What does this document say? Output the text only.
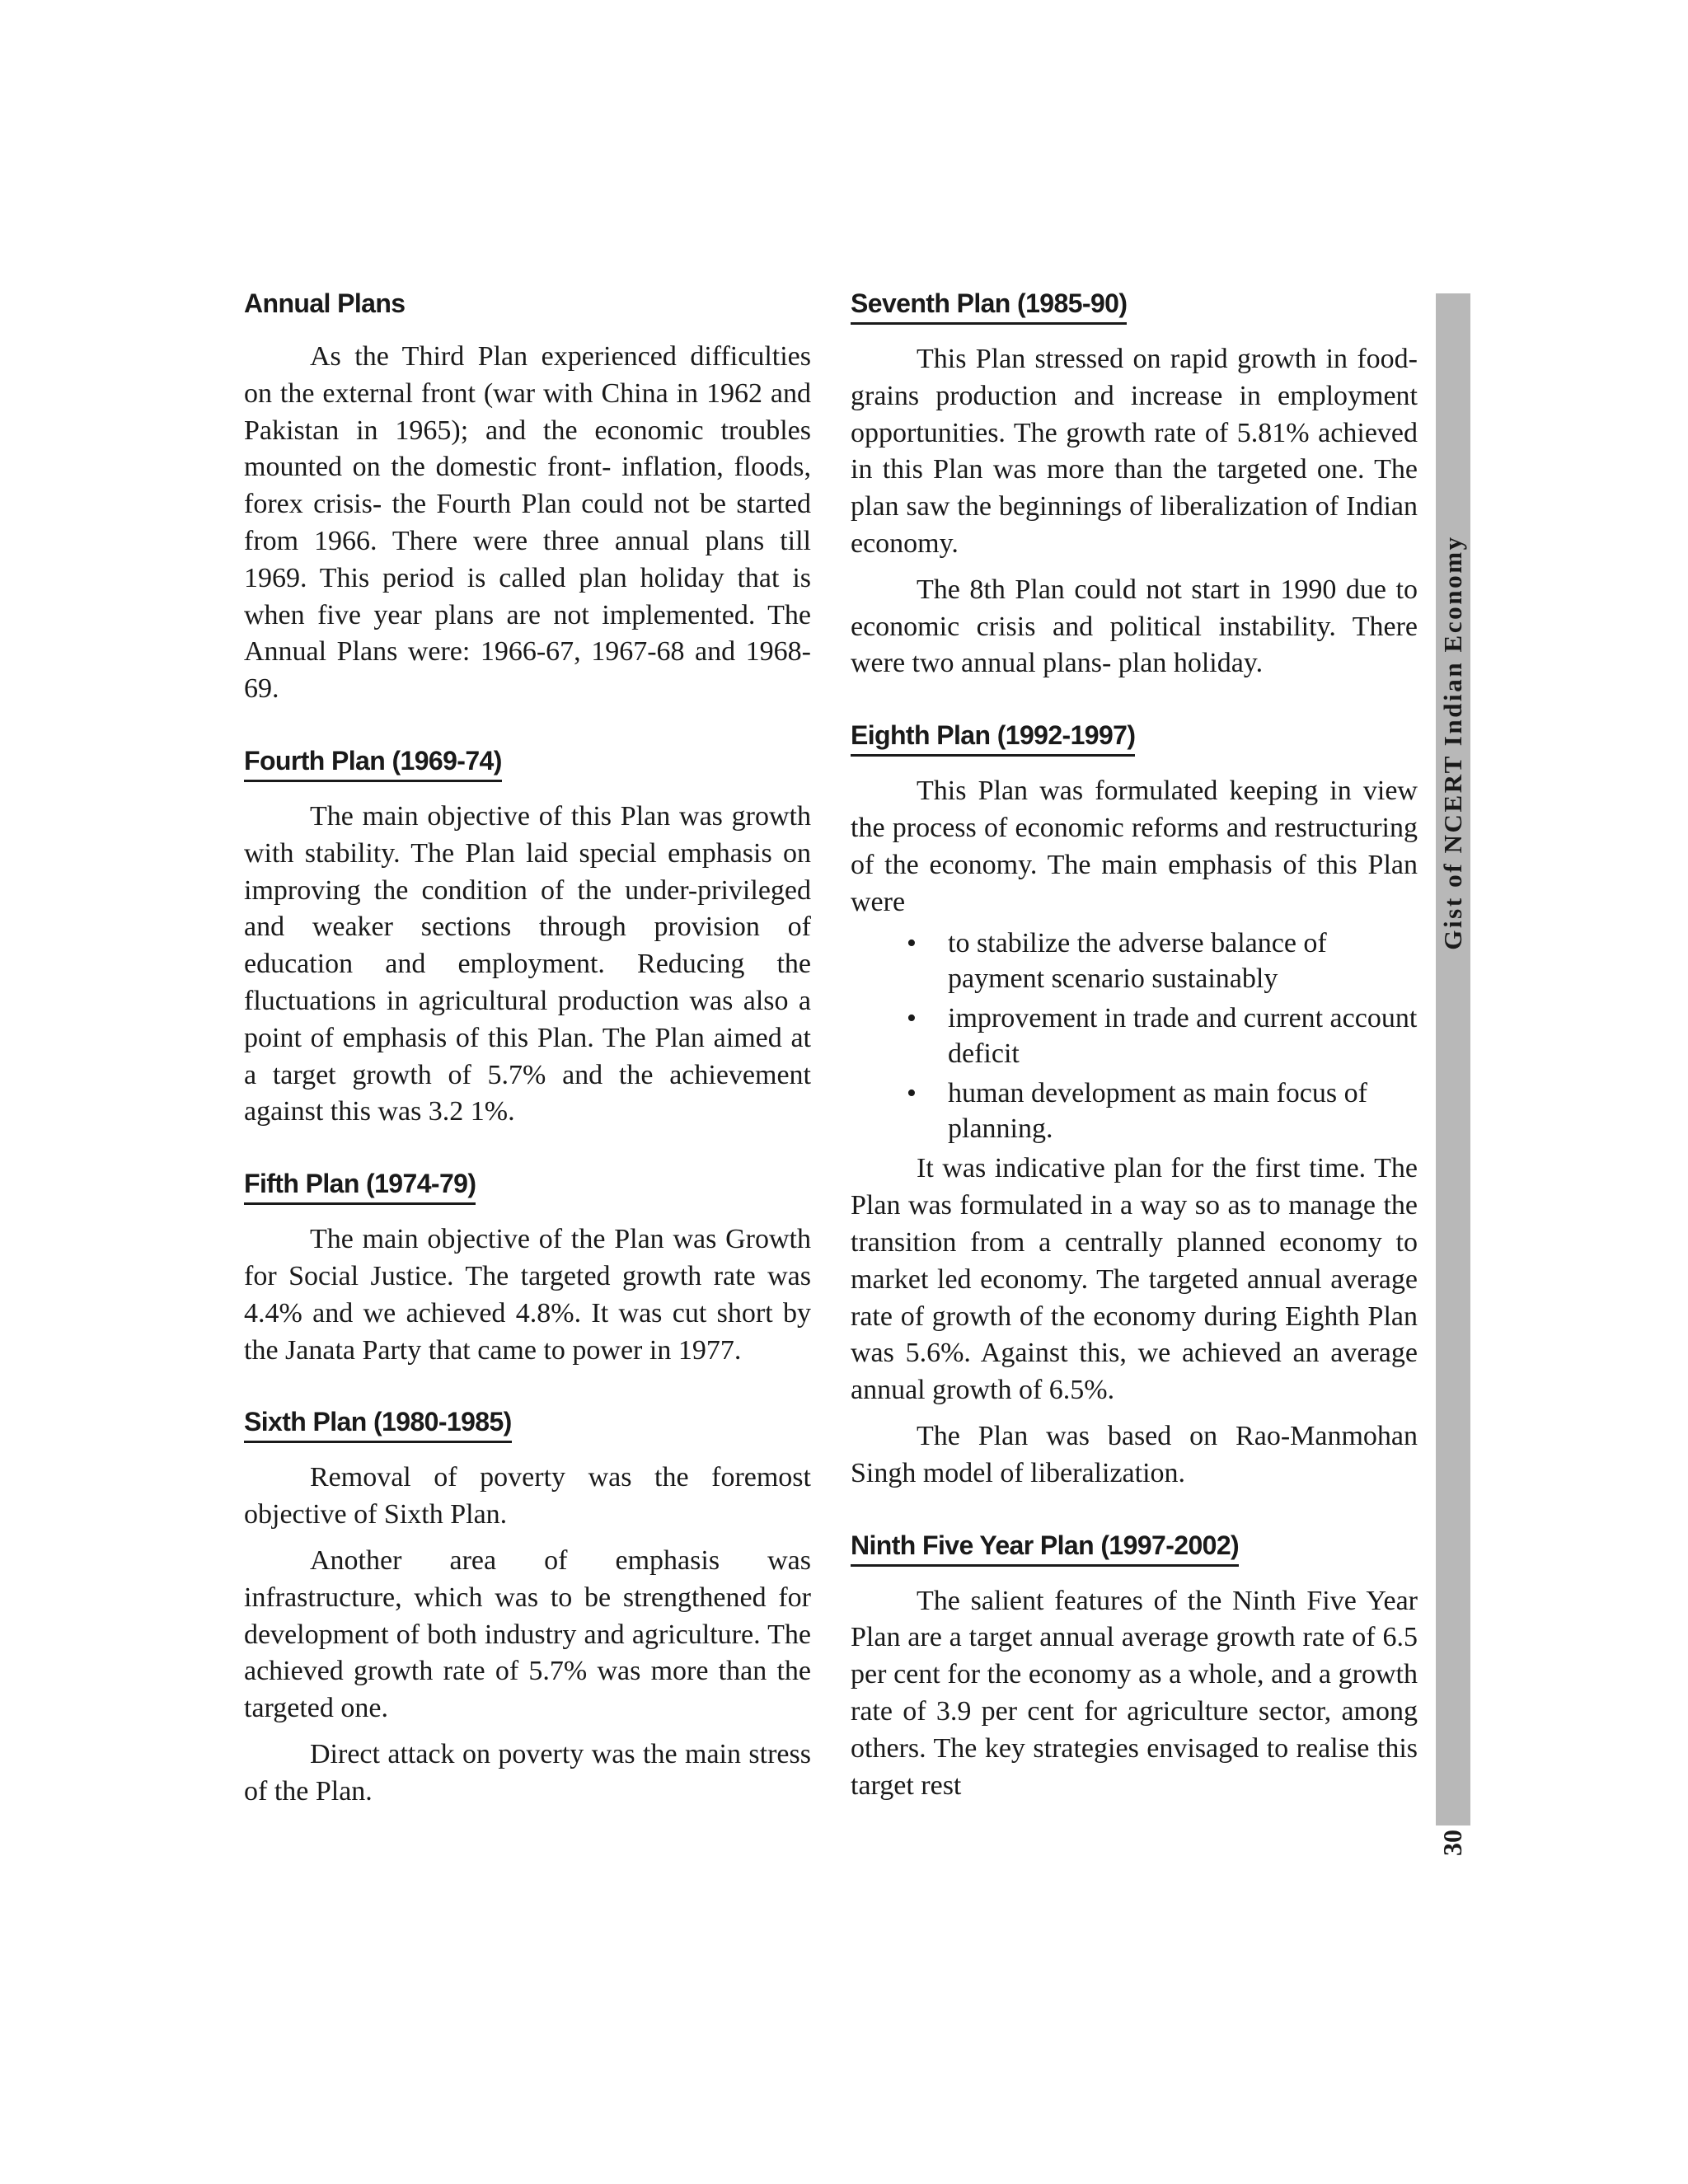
Annual Plans

As the Third Plan experienced difficulties on the external front (war with China in 1962 and Pakistan in 1965); and the economic troubles mounted on the domestic front- inflation, floods, forex crisis- the Fourth Plan could not be started from 1966. There were three annual plans till 1969. This period is called plan holiday that is when five year plans are not implemented. The Annual Plans were: 1966-67, 1967-68 and 1968-69.

Fourth Plan (1969-74)

The main objective of this Plan was growth with stability. The Plan laid special emphasis on improving the condition of the under-privileged and weaker sections through provision of education and employment. Reducing the fluctuations in agricultural production was also a point of emphasis of this Plan. The Plan aimed at a target growth of 5.7% and the achievement against this was 3.2 1%.

Fifth Plan (1974-79)

The main objective of the Plan was Growth for Social Justice. The targeted growth rate was 4.4% and we achieved 4.8%. It was cut short by the Janata Party that came to power in 1977.

Sixth Plan (1980-1985)

Removal of poverty was the foremost objective of Sixth Plan.

Another area of emphasis was infrastructure, which was to be strengthened for development of both industry and agriculture. The achieved growth rate of 5.7% was more than the targeted one.

Direct attack on poverty was the main stress of the Plan.

Seventh Plan (1985-90)

This Plan stressed on rapid growth in food-grains production and increase in employment opportunities. The growth rate of 5.81% achieved in this Plan was more than the targeted one. The plan saw the beginnings of liberalization of Indian economy.

The 8th Plan could not start in 1990 due to economic crisis and political instability. There were two annual plans- plan holiday.

Eighth Plan (1992-1997)

This Plan was formulated keeping in view the process of economic reforms and restructuring of the economy. The main emphasis of this Plan were

• to stabilize the adverse balance of payment scenario sustainably
• improvement in trade and current account deficit
• human development as main focus of planning.

It was indicative plan for the first time. The Plan was formulated in a way so as to manage the transition from a centrally planned economy to market led economy. The targeted annual average rate of growth of the economy during Eighth Plan was 5.6%. Against this, we achieved an average annual growth of 6.5%.

The Plan was based on Rao-Manmohan Singh model of liberalization.

Ninth Five Year Plan (1997-2002)

The salient features of the Ninth Five Year Plan are a target annual average growth rate of 6.5 per cent for the economy as a whole, and a growth rate of 3.9 per cent for agriculture sector, among others. The key strategies envisaged to realise this target rest

Gist of NCERT Indian Economy
30
